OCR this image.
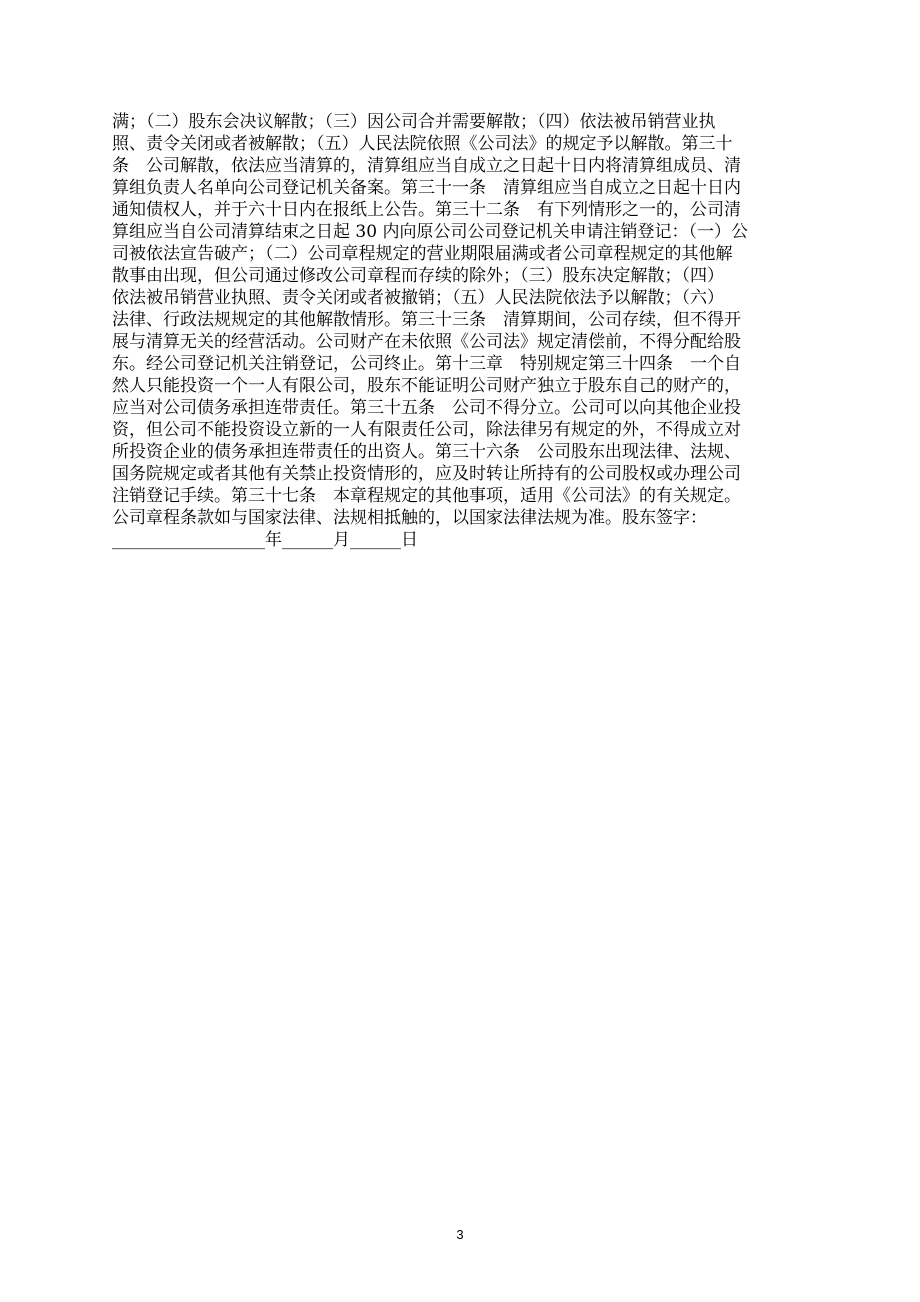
满；（二）股东会决议解散；（三）因公司合并需要解散；（四）依法被吊销营业执
照、责令关闭或者被解散；（五）人民法院依照《公司法》的规定予以解散。第三十
条　公司解散，依法应当清算的，清算组应当自成立之日起十日内将清算组成员、清
算组负责人名单向公司登记机关备案。第三十一条　清算组应当自成立之日起十日内
通知债权人，并于六十日内在报纸上公告。第三十二条　有下列情形之一的，公司清
算组应当自公司清算结束之日起 30 内向原公司公司登记机关申请注销登记：（一）公
司被依法宣告破产；（二）公司章程规定的营业期限届满或者公司章程规定的其他解
散事由出现，但公司通过修改公司章程而存续的除外；（三）股东决定解散；（四）
依法被吊销营业执照、责令关闭或者被撤销；（五）人民法院依法予以解散；（六）
法律、行政法规规定的其他解散情形。第三十三条　清算期间，公司存续，但不得开
展与清算无关的经营活动。公司财产在未依照《公司法》规定清偿前，不得分配给股
东。经公司登记机关注销登记，公司终止。第十三章　特别规定第三十四条　一个自
然人只能投资一个一人有限公司，股东不能证明公司财产独立于股东自己的财产的，
应当对公司债务承担连带责任。第三十五条　公司不得分立。公司可以向其他企业投
资，但公司不能投资设立新的一人有限责任公司，除法律另有规定的外，不得成立对
所投资企业的债务承担连带责任的出资人。第三十六条　公司股东出现法律、法规、
国务院规定或者其他有关禁止投资情形的，应及时转让所持有的公司股权或办理公司
注销登记手续。第三十七条　本章程规定的其他事项，适用《公司法》的有关规定。
公司章程条款如与国家法律、法规相抵触的，以国家法律法规为准。股东签字：
__________________年______月______日
3
